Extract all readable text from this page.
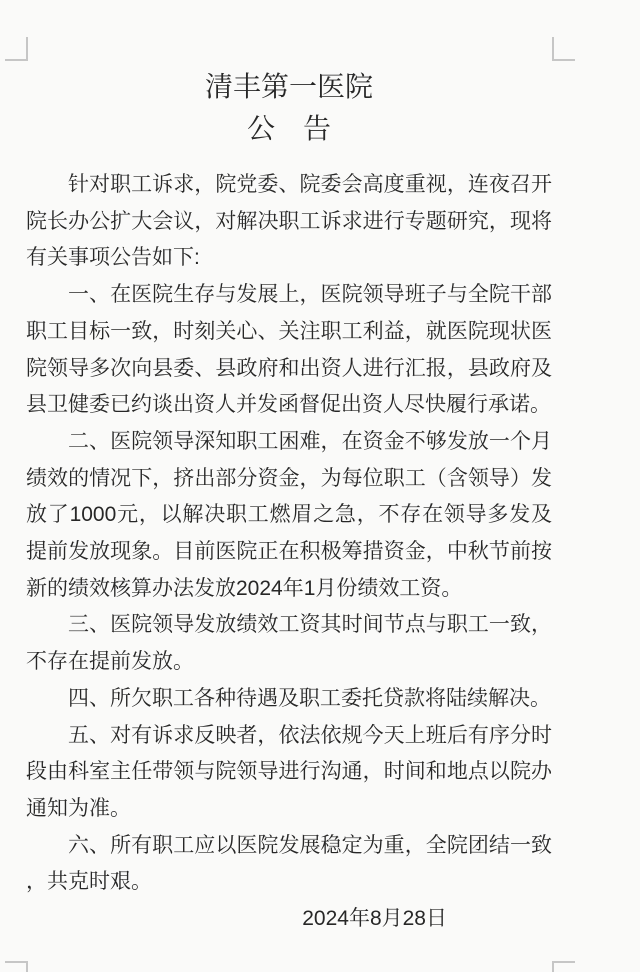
清丰第一医院
公　告

针对职工诉求，院党委、院委会高度重视，连夜召开院长办公扩大会议，对解决职工诉求进行专题研究，现将有关事项公告如下:

一、在医院生存与发展上，医院领导班子与全院干部职工目标一致，时刻关心、关注职工利益，就医院现状医院领导多次向县委、县政府和出资人进行汇报，县政府及县卫健委已约谈出资人并发函督促出资人尽快履行承诺。

二、医院领导深知职工困难，在资金不够发放一个月绩效的情况下，挤出部分资金，为每位职工（含领导）发放了1000元，以解决职工燃眉之急，不存在领导多发及提前发放现象。目前医院正在积极筹措资金，中秋节前按新的绩效核算办法发放2024年1月份绩效工资。

三、医院领导发放绩效工资其时间节点与职工一致，不存在提前发放。

四、所欠职工各种待遇及职工委托贷款将陆续解决。

五、对有诉求反映者，依法依规今天上班后有序分时段由科室主任带领与院领导进行沟通，时间和地点以院办通知为准。

六、所有职工应以医院发展稳定为重，全院团结一致，共克时艰。

2024年8月28日
